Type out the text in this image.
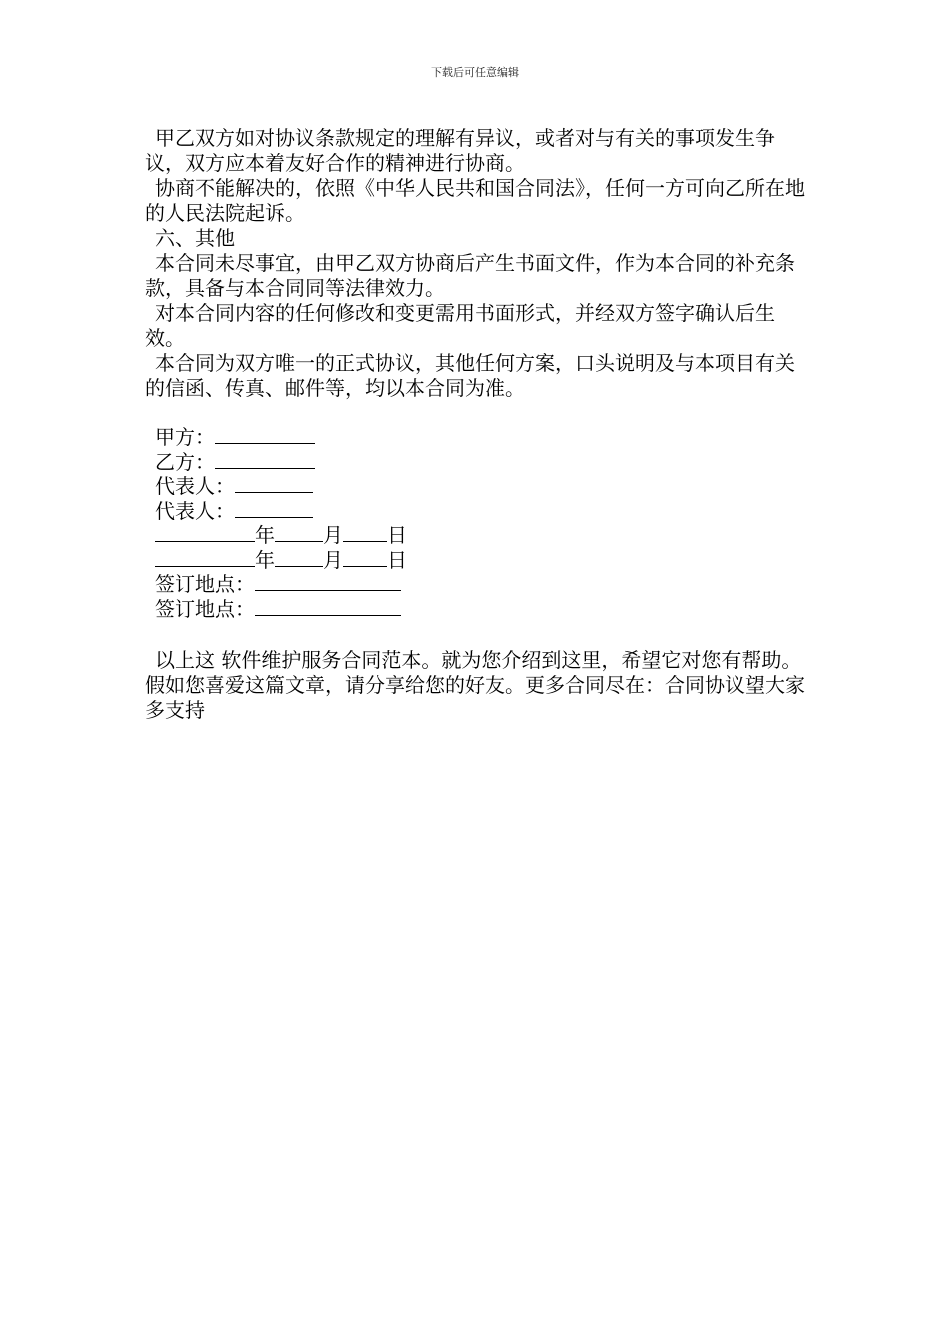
下载后可任意编辑

甲乙双方如对协议条款规定的理解有异议，或者对与有关的事项发生争议，双方应本着友好合作的精神进行协商。

协商不能解决的，依照《中华人民共和国合同法》，任何一方可向乙所在地的人民法院起诉。

六、其他

本合同未尽事宜，由甲乙双方协商后产生书面文件，作为本合同的补充条款，具备与本合同同等法律效力。

对本合同内容的任何修改和变更需用书面形式，并经双方签字确认后生效。

本合同为双方唯一的正式协议，其他任何方案，口头说明及与本项目有关的信函、传真、邮件等，均以本合同为准。

甲方：
乙方：
代表人：
代表人：
年 月 日
年 月 日
签订地点：
签订地点：

以上这 软件维护服务合同范本。就为您介绍到这里，希望它对您有帮助。假如您喜爱这篇文章，请分享给您的好友。更多合同尽在：合同协议望大家多支持
